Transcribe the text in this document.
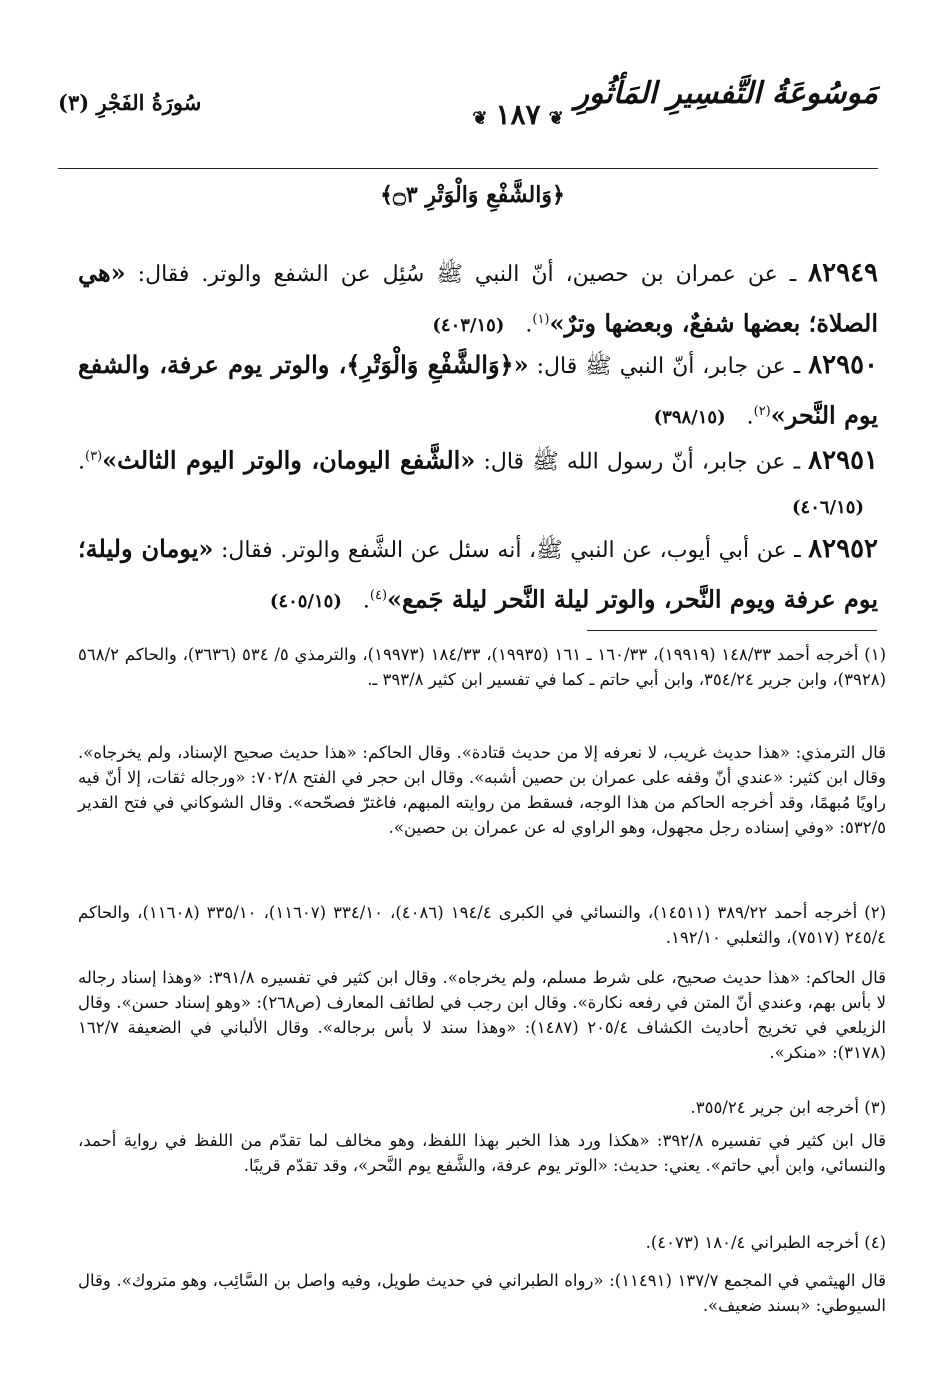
مَوسُوعَةُ التَّفسِيرِ المَأثُورِ
❦ ١٨٧ ❦
سُورَةُ الفَجْرِ (٣)
﴿وَالشَّفْعِ وَالْوَتْرِ ۝٣﴾
٨٢٩٤٩ ـ عن عمران بن حصين، أنّ النبي ﷺ سُئِل عن الشفع والوتر. فقال: «هي الصلاة؛ بعضها شفعٌ، وبعضها وترٌ»$^{(١)}$. (٤٠٣/١٥)
٨٢٩٥٠ ـ عن جابر، أنّ النبي ﷺ قال: «﴿وَالشَّفْعِ وَالْوَتْرِ﴾، والوتر يوم عرفة، والشفع يوم النَّحر»$^{(٢)}$. (٣٩٨/١٥)
٨٢٩٥١ ـ عن جابر، أنّ رسول الله ﷺ قال: «الشَّفع اليومان، والوتر اليوم الثالث»$^{(٣)}$. (٤٠٦/١٥)
٨٢٩٥٢ ـ عن أبي أيوب، عن النبي ﷺ، أنه سئل عن الشَّفع والوتر. فقال: «يومان وليلة؛ يوم عرفة ويوم النَّحر، والوتر ليلة النَّحر ليلة جَمع»$^{(٤)}$. (٤٠٥/١٥)
(١) أخرجه أحمد ١٤٨/٣٣ (١٩٩١٩)، ١٦٠/٣٣ ـ ١٦١ (١٩٩٣٥)، ١٨٤/٣٣ (١٩٩٧٣)، والترمذي ٥/ ٥٣٤ (٣٦٣٦)، والحاكم ٥٦٨/٢ (٣٩٢٨)، وابن جرير ٣٥٤/٢٤، وابن أبي حاتم ـ كما في تفسير ابن كثير ٣٩٣/٨ ـ.
قال الترمذي: «هذا حديث غريب، لا نعرفه إلا من حديث قتادة». وقال الحاكم: «هذا حديث صحيح الإسناد، ولم يخرجاه». وقال ابن كثير: «عندي أنّ وقفه على عمران بن حصين أشبه». وقال ابن حجر في الفتح ٧٠٢/٨: «ورجاله ثقات، إلا أنّ فيه راويًا مُبهمًا، وقد أخرجه الحاكم من هذا الوجه، فسقط من روايته المبهم، فاغترّ فصحّحه». وقال الشوكاني في فتح القدير ٥٣٢/٥: «وفي إسناده رجل مجهول، وهو الراوي له عن عمران بن حصين».
(٢) أخرجه أحمد ٣٨٩/٢٢ (١٤٥١١)، والنسائي في الكبرى ١٩٤/٤ (٤٠٨٦)، ٣٣٤/١٠ (١١٦٠٧)، ٣٣٥/١٠ (١١٦٠٨)، والحاكم ٢٤٥/٤ (٧٥١٧)، والثعلبي ١٩٢/١٠.
قال الحاكم: «هذا حديث صحيح، على شرط مسلم، ولم يخرجاه». وقال ابن كثير في تفسيره ٣٩١/٨: «وهذا إسناد رجاله لا بأس بهم، وعندي أنّ المتن في رفعه نكارة». وقال ابن رجب في لطائف المعارف (ص٢٦٨): «وهو إسناد حسن». وقال الزيلعي في تخريج أحاديث الكشاف ٢٠٥/٤ (١٤٨٧): «وهذا سند لا بأس برجاله». وقال الألباني في الضعيفة ١٦٢/٧ (٣١٧٨): «منكر».
(٣) أخرجه ابن جرير ٣٥٥/٢٤.
قال ابن كثير في تفسيره ٣٩٢/٨: «هكذا ورد هذا الخبر بهذا اللفظ، وهو مخالف لما تقدّم من اللفظ في رواية أحمد، والنسائي، وابن أبي حاتم». يعني: حديث: «الوتر يوم عرفة، والشَّفع يوم النَّحر»، وقد تقدّم قريبًا.
(٤) أخرجه الطبراني ١٨٠/٤ (٤٠٧٣).
قال الهيثمي في المجمع ١٣٧/٧ (١١٤٩١): «رواه الطبراني في حديث طويل، وفيه واصل بن السَّائِب، وهو متروك». وقال السيوطي: «بسند ضعيف».
